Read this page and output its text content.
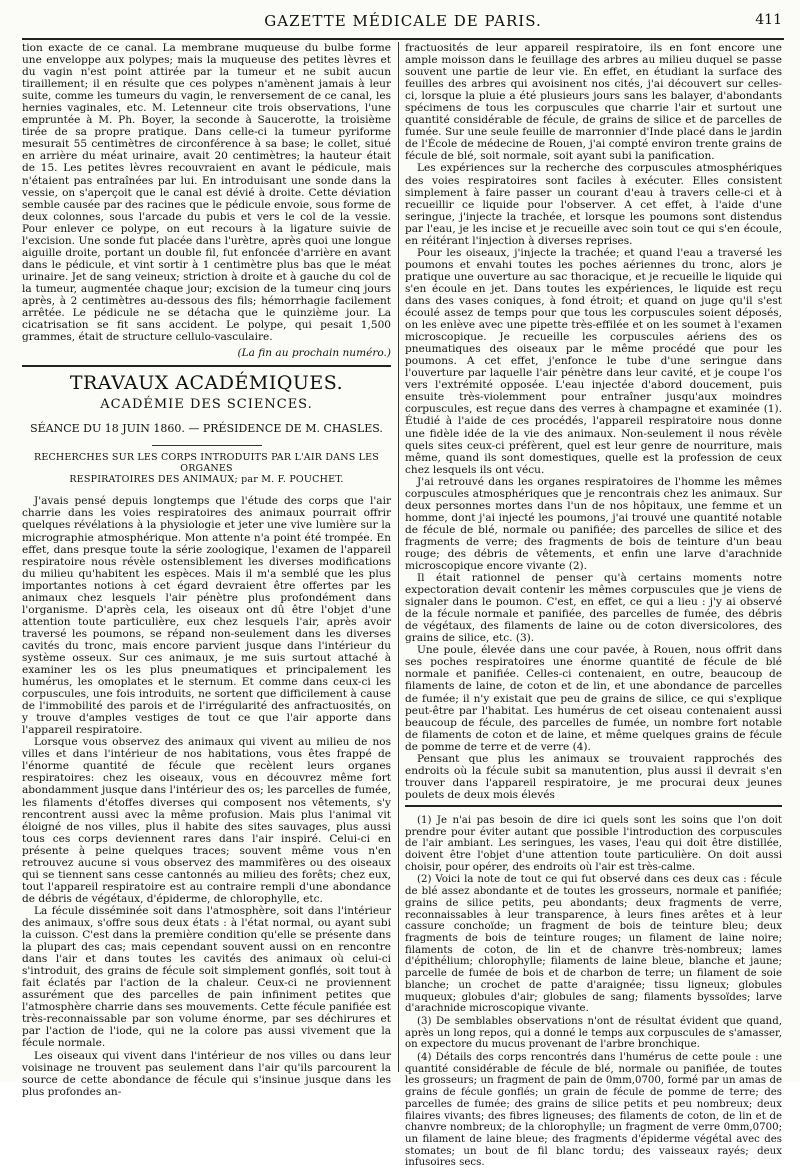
GAZETTE MÉDICALE DE PARIS.	411

tion exacte de ce canal. La membrane muqueuse du bulbe forme une enveloppe aux polypes; mais la muqueuse des petites lèvres et du vagin n'est point attirée par la tumeur et ne subit aucun tiraillement; il en résulte que ces polypes n'amènent jamais à leur suite, comme les tumeurs du vagin, le renversement de ce canal, les hernies vaginales, etc. M. Letenneur cite trois observations, l'une empruntée à M. Ph. Boyer, la seconde à Saucerotte, la troisième tirée de sa propre pratique. Dans celle-ci la tumeur pyriforme mesurait 55 centimètres de circonférence à sa base; le collet, situé en arrière du méat urinaire, avait 20 centimètres; la hauteur était de 15. Les petites lèvres recouvraient en avant le pédicule, mais n'étaient pas entraînées par lui. En introduisant une sonde dans la vessie, on s'aperçoit que le canal est dévié à droite. Cette déviation semble causée par des racines que le pédicule envoie, sous forme de deux colonnes, sous l'arcade du pubis et vers le col de la vessie. Pour enlever ce polype, on eut recours à la ligature suivie de l'excision. Une sonde fut placée dans l'urètre, après quoi une longue aiguille droite, portant un double fil, fut enfoncée d'arrière en avant dans le pédicule, et vint sortir à 1 centimètre plus bas que le méat urinaire. Jet de sang veineux; striction à droite et à gauche du col de la tumeur, augmentée chaque jour; excision de la tumeur cinq jours après, à 2 centimètres au-dessous des fils; hémorrhagie facilement arrêtée. Le pédicule ne se détacha que le quinzième jour. La cicatrisation se fit sans accident. Le polype, qui pesait 1,500 grammes, était de structure cellulo-vasculaire.

(La fin au prochain numéro.)
TRAVAUX ACADÉMIQUES.
ACADÉMIE DES SCIENCES.
SÉANCE DU 18 JUIN 1860. — PRÉSIDENCE DE M. CHASLES.
RECHERCHES SUR LES CORPS INTRODUITS PAR L'AIR DANS LES ORGANES
RESPIRATOIRES DES ANIMAUX; par M. F. POUCHET.

J'avais pensé depuis longtemps que l'étude des corps que l'air charrie dans les voies respiratoires des animaux pourrait offrir quelques révélations à la physiologie et jeter une vive lumière sur la micrographie atmosphérique. Mon attente n'a point été trompée. En effet, dans presque toute la série zoologique, l'examen de l'appareil respiratoire nous révèle ostensiblement les diverses modifications du milieu qu'habitent les espèces. Mais il m'a semblé que les plus importantes notions à cet égard devraient être offertes par les animaux chez lesquels l'air pénètre plus profondément dans l'organisme. D'après cela, les oiseaux ont dû être l'objet d'une attention toute particulière, eux chez lesquels l'air, après avoir traversé les poumons, se répand non-seulement dans les diverses cavités du tronc, mais encore parvient jusque dans l'intérieur du système osseux. Sur ces animaux, je me suis surtout attaché à examiner les os les plus pneumatiques et principalement les humérus, les omoplates et le sternum. Et comme dans ceux-ci les corpuscules, une fois introduits, ne sortent que difficilement à cause de l'immobilité des parois et de l'irrégularité des anfractuosités, on y trouve d'amples vestiges de tout ce que l'air apporte dans l'appareil respiratoire.

Lorsque vous observez des animaux qui vivent au milieu de nos villes et dans l'intérieur de nos habitations, vous êtes frappé de l'énorme quantité de fécule que recèlent leurs organes respiratoires: chez les oiseaux, vous en découvrez même fort abondamment jusque dans l'intérieur des os; les parcelles de fumée, les filaments d'étoffes diverses qui composent nos vêtements, s'y rencontrent aussi avec la même profusion. Mais plus l'animal vit éloigné de nos villes, plus il habite des sites sauvages, plus aussi tous ces corps deviennent rares dans l'air inspiré. Celui-ci en présente à peine quelques traces; souvent même vous n'en retrouvez aucune si vous observez des mammifères ou des oiseaux qui se tiennent sans cesse cantonnés au milieu des forêts; chez eux, tout l'appareil respiratoire est au contraire rempli d'une abondance de débris de végétaux, d'épiderme, de chlorophylle, etc.

La fécule disséminée soit dans l'atmosphère, soit dans l'intérieur des animaux, s'offre sous deux états : à l'état normal, ou ayant subi la cuisson. C'est dans la première condition qu'elle se présente dans la plupart des cas; mais cependant souvent aussi on en rencontre dans l'air et dans toutes les cavités des animaux où celui-ci s'introduit, des grains de fécule soit simplement gonflés, soit tout à fait éclatés par l'action de la chaleur. Ceux-ci ne proviennent assurément que des parcelles de pain infiniment petites que l'atmosphère charrie dans ses mouvements. Cette fécule panifiée est très-reconnaissable par son volume énorme, par ses déchirures et par l'action de l'iode, qui ne la colore pas aussi vivement que la fécule normale.

Les oiseaux qui vivent dans l'intérieur de nos villes ou dans leur voisinage ne trouvent pas seulement dans l'air qu'ils parcourent la source de cette abondance de fécule qui s'insinue jusque dans les plus profondes an-

fractuosités de leur appareil respiratoire, ils en font encore une ample moisson dans le feuillage des arbres au milieu duquel se passe souvent une partie de leur vie. En effet, en étudiant la surface des feuilles des arbres qui avoisinent nos cités, j'ai découvert sur celles-ci, lorsque la pluie a été plusieurs jours sans les balayer, d'abondants spécimens de tous les corpuscules que charrie l'air et surtout une quantité considérable de fécule, de grains de silice et de parcelles de fumée. Sur une seule feuille de marronnier d'Inde placé dans le jardin de l'École de médecine de Rouen, j'ai compté environ trente grains de fécule de blé, soit normale, soit ayant subi la panification.

Les expériences sur la recherche des corpuscules atmosphériques des voies respiratoires sont faciles à exécuter. Elles consistent simplement à faire passer un courant d'eau à travers celle-ci et à recueillir ce liquide pour l'observer. A cet effet, à l'aide d'une seringue, j'injecte la trachée, et lorsque les poumons sont distendus par l'eau, je les incise et je recueille avec soin tout ce qui s'en écoule, en réitérant l'injection à diverses reprises.

Pour les oiseaux, j'injecte la trachée; et quand l'eau a traversé les poumons et envahi toutes les poches aériennes du tronc, alors je pratique une ouverture au sac thoracique, et je recueille le liquide qui s'en écoule en jet. Dans toutes les expériences, le liquide est reçu dans des vases coniques, à fond étroit; et quand on juge qu'il s'est écoulé assez de temps pour que tous les corpuscules soient déposés, on les enlève avec une pipette très-effilée et on les soumet à l'examen microscopique. Je recueille les corpuscules aériens des os pneumatiques des oiseaux par le même procédé que pour les poumons. A cet effet, j'enfonce le tube d'une seringue dans l'ouverture par laquelle l'air pénètre dans leur cavité, et je coupe l'os vers l'extrémité opposée. L'eau injectée d'abord doucement, puis ensuite très-violemment pour entraîner jusqu'aux moindres corpuscules, est reçue dans des verres à champagne et examinée (1). Étudié à l'aide de ces procédés, l'appareil respiratoire nous donne une fidèle idée de la vie des animaux. Non-seulement il nous révèle quels sites ceux-ci préfèrent, quel est leur genre de nourriture, mais même, quand ils sont domestiques, quelle est la profession de ceux chez lesquels ils ont vécu.

J'ai retrouvé dans les organes respiratoires de l'homme les mêmes corpuscules atmosphériques que je rencontrais chez les animaux. Sur deux personnes mortes dans l'un de nos hôpitaux, une femme et un homme, dont j'ai injecté les poumons, j'ai trouvé une quantité notable de fécule de blé, normale ou panifiée; des parcelles de silice et des fragments de verre; des fragments de bois de teinture d'un beau rouge; des débris de vêtements, et enfin une larve d'arachnide microscopique encore vivante (2).

Il était rationnel de penser qu'à certains moments notre expectoration devait contenir les mêmes corpuscules que je viens de signaler dans le poumon. C'est, en effet, ce qui a lieu : j'y ai observé de la fécule normale et panifiée, des parcelles de fumée, des débris de végétaux, des filaments de laine ou de coton diversicolores, des grains de silice, etc. (3).

Une poule, élevée dans une cour pavée, à Rouen, nous offrit dans ses poches respiratoires une énorme quantité de fécule de blé normale et panifiée. Celles-ci contenaient, en outre, beaucoup de filaments de laine, de coton et de lin, et une abondance de parcelles de fumée; il n'y existait que peu de grains de silice, ce qui s'explique peut-être par l'habitat. Les humérus de cet oiseau contenaient aussi beaucoup de fécule, des parcelles de fumée, un nombre fort notable de filaments de coton et de laine, et même quelques grains de fécule de pomme de terre et de verre (4).

Pensant que plus les animaux se trouvaient rapprochés des endroits où la fécule subit sa manutention, plus aussi il devrait s'en trouver dans l'appareil respiratoire, je me procurai deux jeunes poulets de deux mois élevés

(1) Je n'ai pas besoin de dire ici quels sont les soins que l'on doit prendre pour éviter autant que possible l'introduction des corpuscules de l'air ambiant. Les seringues, les vases, l'eau qui doit être distillée, doivent être l'objet d'une attention toute particulière. On doit aussi choisir, pour opérer, des endroits où l'air est très-calme.

(2) Voici la note de tout ce qui fut observé dans ces deux cas : fécule de blé assez abondante et de toutes les grosseurs, normale et panifiée; grains de silice petits, peu abondants; deux fragments de verre, reconnaissables à leur transparence, à leurs fines arêtes et à leur cassure conchoïde; un fragment de bois de teinture bleu; deux fragments de bois de teinture rouges; un filament de laine noire; filaments de coton, de lin et de chanvre très-nombreux; lames d'épithélium; chlorophylle; filaments de laine bleue, blanche et jaune; parcelle de fumée de bois et de charbon de terre; un filament de soie blanche; un crochet de patte d'araignée; tissu ligneux; globules muqueux; globules d'air; globules de sang; filaments byssoïdes; larve d'arachnide microscopique vivante.

(3) De semblables observations n'ont de résultat évident que quand, après un long repos, qui a donné le temps aux corpuscules de s'amasser, on expectore du mucus provenant de l'arbre bronchique.

(4) Détails des corps rencontrés dans l'humérus de cette poule : une quantité considérable de fécule de blé, normale ou panifiée, de toutes les grosseurs; un fragment de pain de 0mm,0700, formé par un amas de grains de fécule gonflés; un grain de fécule de pomme de terre; des parcelles de fumée; des grains de silice petits et peu nombreux; deux filaires vivants; des fibres ligneuses; des filaments de coton, de lin et de chanvre nombreux; de la chlorophylle; un fragment de verre 0mm,0700; un filament de laine bleue; des fragments d'épiderme végétal avec des stomates; un bout de fil blanc tordu; des vaisseaux rayés; deux infusoires secs.
